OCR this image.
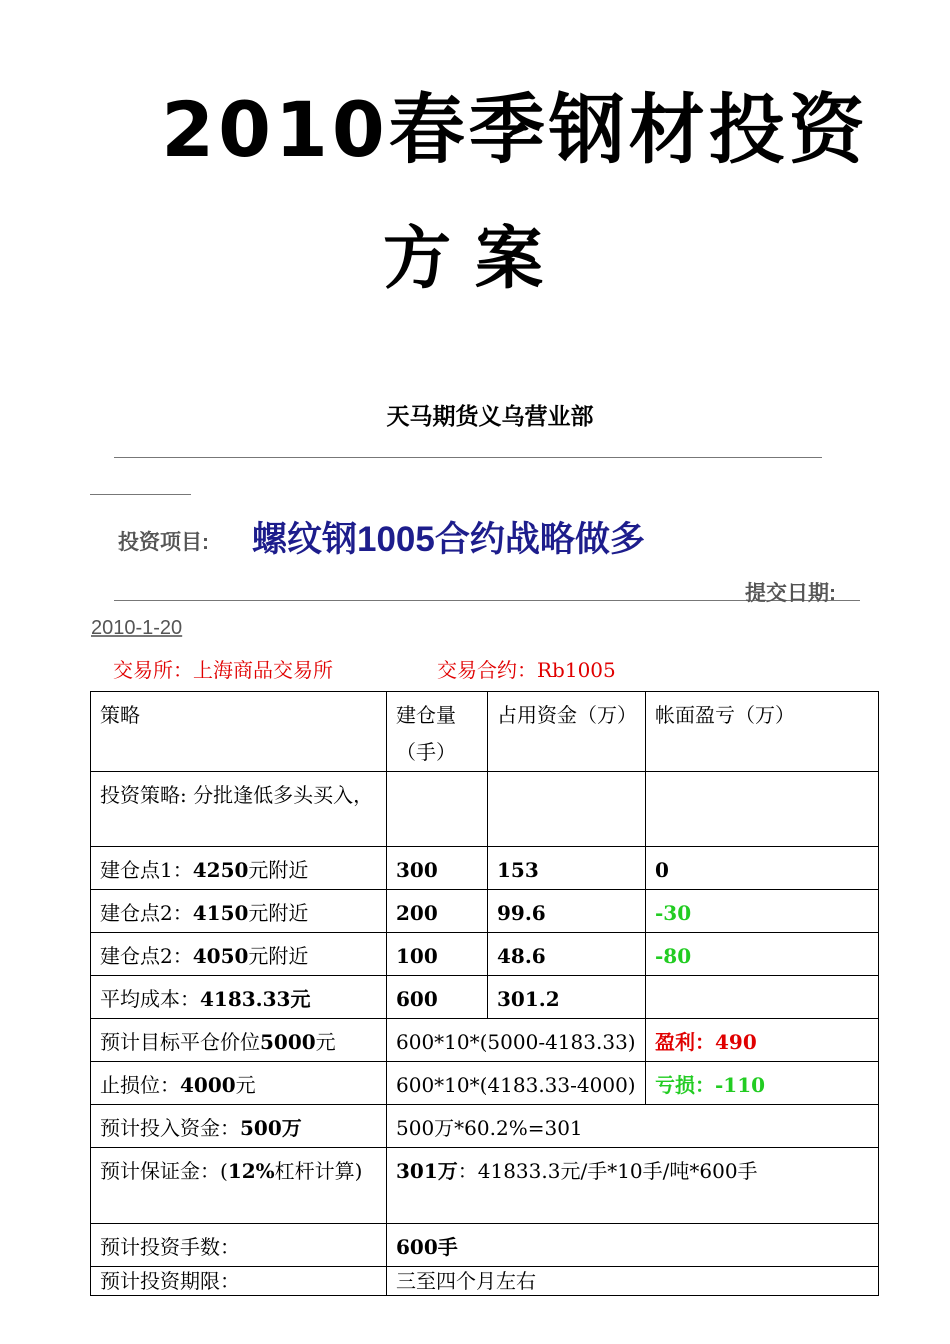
2010春季钢材投资
方案
天马期货义乌营业部
投资项目: 螺纹钢1005合约战略做多
提交日期:
2010-1-20
交易所：上海商品交易所	交易合约：Rb1005
策略	建仓量（手）	占用资金（万）	帐面盈亏（万）
投资策略: 分批逢低多头买入，			
建仓点1：4250元附近	300	153	0
建仓点2：4150元附近	200	99.6	-30
建仓点2：4050元附近	100	48.6	-80
平均成本：4183.33元	600	301.2	
预计目标平仓价位5000元	600*10*(5000-4183.33)		盈利：490
止损位：4000元	600*10*(4183.33-4000)		亏损：-110
预计投入资金：500万	500万*60.2%=301		
预计保证金：(12%杠杆计算)	301万：41833.3元/手*10手/吨*600手		
预计投资手数：	600手		
预计投资期限：	三至四个月左右		
